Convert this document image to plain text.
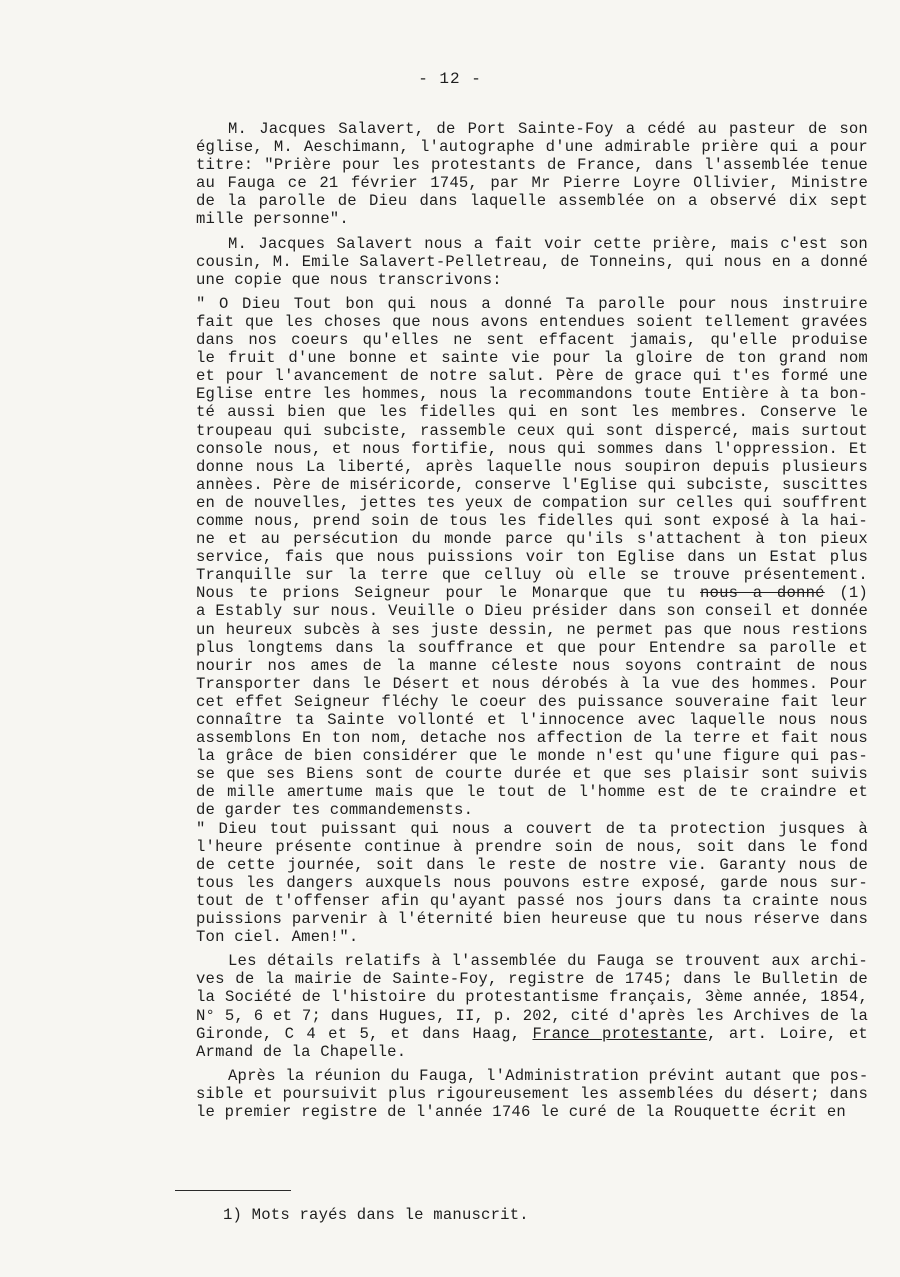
- 12 -
M. Jacques Salavert, de Port Sainte-Foy a cédé au pasteur de son
église, M. Aeschimann, l'autographe d'une admirable prière qui a pour
titre: "Prière pour les protestants de France, dans l'assemblée tenue
au Fauga ce 21 février 1745, par Mr Pierre Loyre Ollivier, Ministre
de la parolle de Dieu dans laquelle assemblée on a observé dix sept
mille personne".
M. Jacques Salavert nous a fait voir cette prière, mais c'est son
cousin, M. Emile Salavert-Pelletreau, de Tonneins, qui nous en a donné
une copie que nous transcrivons:
" O Dieu Tout bon qui nous a donné Ta parolle pour nous instruire
fait que les choses que nous avons entendues soient tellement gravées
dans nos coeurs qu'elles ne sent effacent jamais, qu'elle produise
le fruit d'une bonne et sainte vie pour la gloire de ton grand nom
et pour l'avancement de notre salut. Père de grace qui t'es formé une
Eglise entre les hommes, nous la recommandons toute Entière à ta bon-
té aussi bien que les fidelles qui en sont les membres. Conserve le
troupeau qui subciste, rassemble ceux qui sont disperсé, mais surtout
console nous, et nous fortifie, nous qui sommes dans l'oppression. Et
donne nous La liberté, après laquelle nous soupiron depuis plusieurs
annèes. Père de miséricorde, conserve l'Eglise qui subciste, suscittes
en de nouvelles, jettes tes yeux de compation sur celles qui souffrent
comme nous, prend soin de tous les fidelles qui sont exposé à la hai-
ne et au persécution du monde parce qu'ils s'attachent à ton pieux
service, fais que nous puissions voir ton Eglise dans un Estat plus
Tranquille sur la terre que celluy où elle se trouve présentement.
Nous te prions Seigneur pour le Monarque que tu nous a donné (1)
a Estably sur nous. Veuille o Dieu présider dans son conseil et donnée
un heureux subcès à ses juste dessin, ne permet pas que nous restions
plus longtems dans la souffrance et que pour Entendre sa parolle et
nourir nos ames de la manne céleste nous soyons contraint de nous
Transporter dans le Désert et nous dérobés à la vue des hommes. Pour
cet effet Seigneur fléchy le coeur des puissance souveraine fait leur
connaître ta Sainte vollonté et l'innocence avec laquelle nous nous
assemblons En ton nom, detache nos affection de la terre et fait nous
la grâce de bien considérer que le monde n'est qu'une figure qui pas-
se que ses Biens sont de courte durée et que ses plaisir sont suivis
de mille amertume mais que le tout de l'homme est de te craindre et
de garder tes commandemensts.
" Dieu tout puissant qui nous a couvert de ta protection jusques à
l'heure présente continue à prendre soin de nous, soit dans le fond
de cette journée, soit dans le reste de nostre vie. Garanty nous de
tous les dangers auxquels nous pouvons estre exposé, garde nous sur-
tout de t'offenser afin qu'ayant passé nos jours dans ta crainte nous
puissions parvenir à l'éternité bien heureuse que tu nous réserve dans
Ton ciel. Amen!".
Les détails relatifs à l'assemblée du Fauga se trouvent aux archi-
ves de la mairie de Sainte-Foy, registre de 1745; dans le Bulletin de
la Société de l'histoire du protestantisme français, 3ème année, 1854,
N° 5, 6 et 7; dans Hugues, II, p. 202, cité d'après les Archives de la
Gironde, C 4 et 5, et dans Haag, France protestante, art. Loire, et
Armand de la Chapelle.
Après la réunion du Fauga, l'Administration prévint autant que pos-
sible et poursuivit plus rigoureusement les assemblées du désert; dans
le premier registre de l'année 1746 le curé de la Rouquette écrit en
1) Mots rayés dans le manuscrit.
